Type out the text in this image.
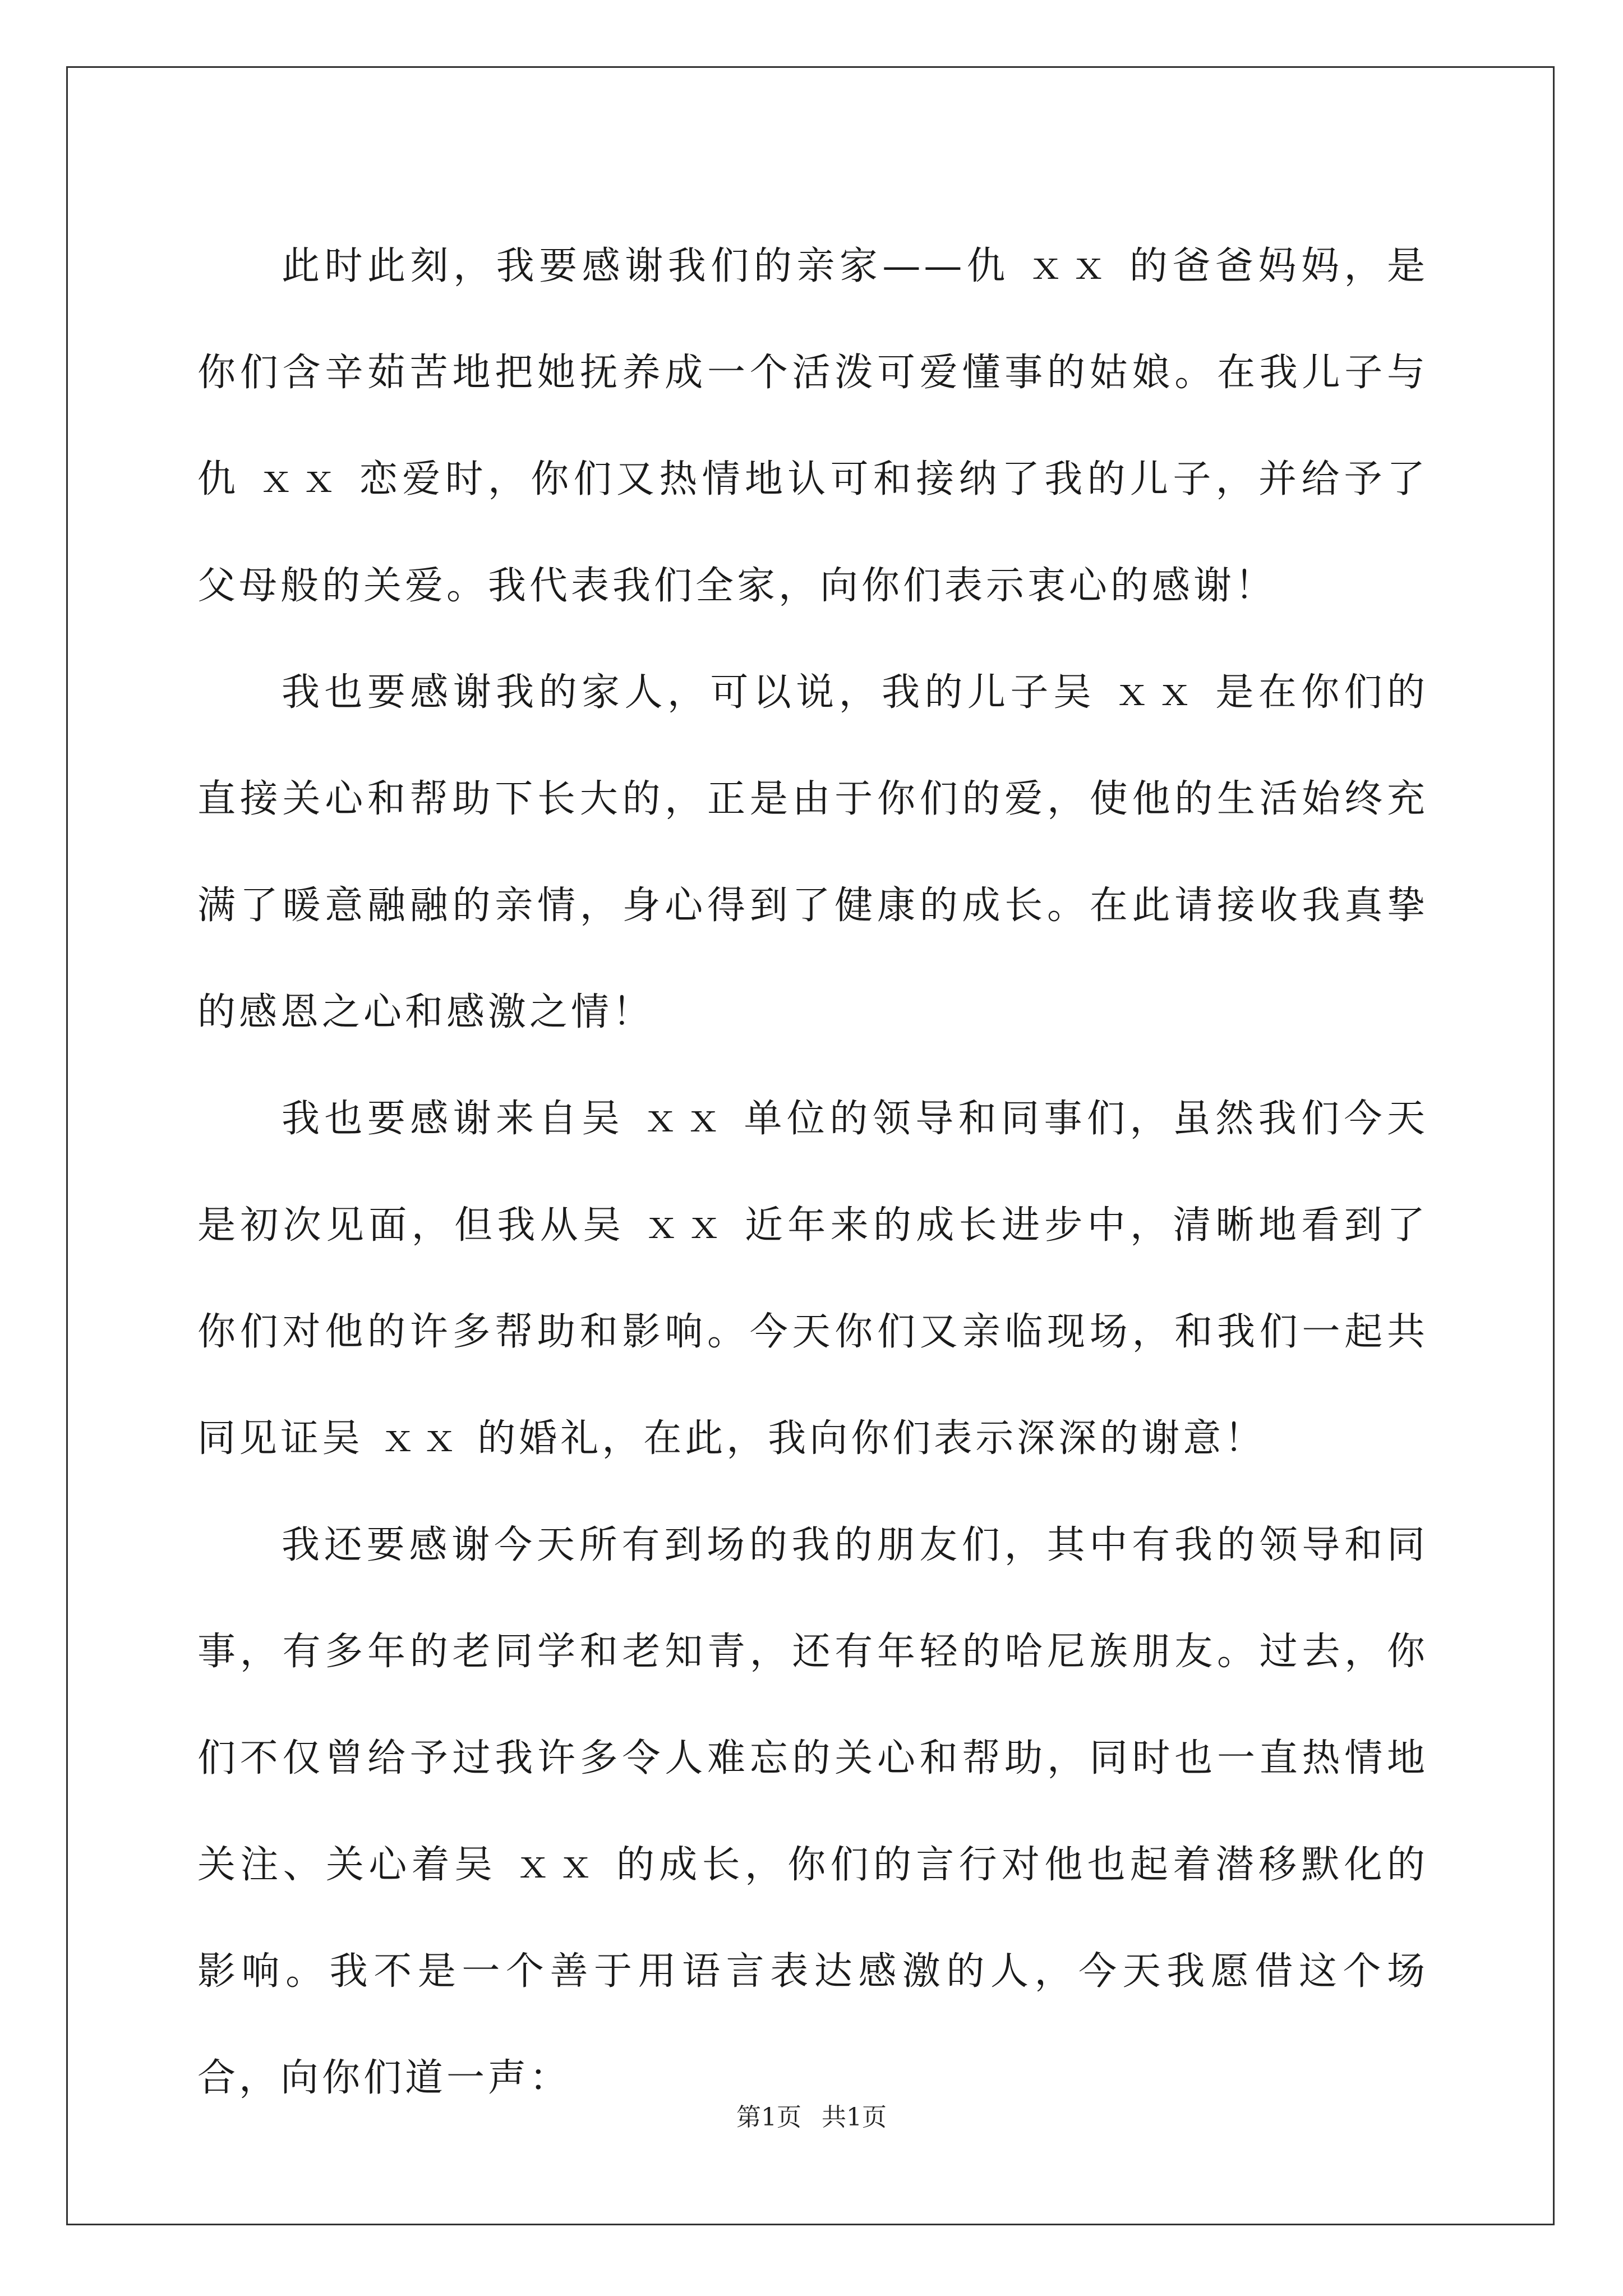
此时此刻，我要感谢我们的亲家——仇 ｘｘ 的爸爸妈妈，是你们含辛茹苦地把她抚养成一个活泼可爱懂事的姑娘。在我儿子与仇 ｘｘ 恋爱时，你们又热情地认可和接纳了我的儿子，并给予了父母般的关爱。我代表我们全家，向你们表示衷心的感谢！

我也要感谢我的家人，可以说，我的儿子吴 ｘｘ 是在你们的直接关心和帮助下长大的，正是由于你们的爱，使他的生活始终充满了暖意融融的亲情，身心得到了健康的成长。在此请接收我真挚的感恩之心和感激之情！

我也要感谢来自吴 ｘｘ 单位的领导和同事们，虽然我们今天是初次见面，但我从吴 ｘｘ 近年来的成长进步中，清晰地看到了你们对他的许多帮助和影响。今天你们又亲临现场，和我们一起共同见证吴 ｘｘ 的婚礼，在此，我向你们表示深深的谢意！

我还要感谢今天所有到场的我的朋友们，其中有我的领导和同事，有多年的老同学和老知青，还有年轻的哈尼族朋友。过去，你们不仅曾给予过我许多令人难忘的关心和帮助，同时也一直热情地关注、关心着吴 ｘｘ 的成长，你们的言行对他也起着潜移默化的影响。我不是一个善于用语言表达感激的人，今天我愿借这个场合，向你们道一声：

第1页 共1页
